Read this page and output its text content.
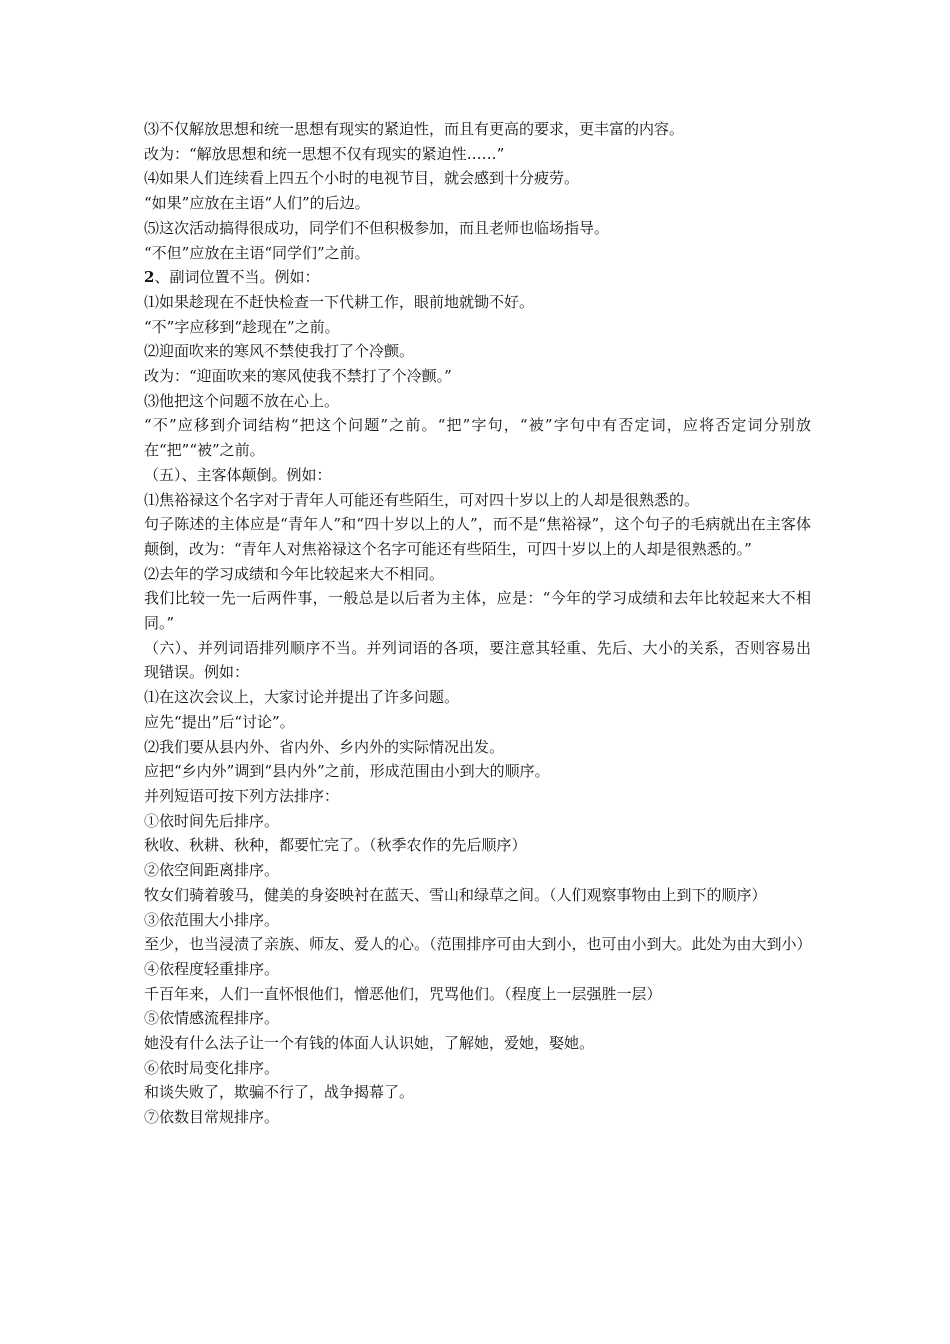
⑶不仅解放思想和统一思想有现实的紧迫性，而且有更高的要求，更丰富的内容。

改为：“解放思想和统一思想不仅有现实的紧迫性……”

⑷如果人们连续看上四五个小时的电视节目，就会感到十分疲劳。

“如果”应放在主语“人们”的后边。

⑸这次活动搞得很成功，同学们不但积极参加，而且老师也临场指导。

“不但”应放在主语“同学们”之前。

2、副词位置不当。例如：

⑴如果趁现在不赶快检查一下代耕工作，眼前地就锄不好。

“不”字应移到“趁现在”之前。

⑵迎面吹来的寒风不禁使我打了个冷颤。

改为：“迎面吹来的寒风使我不禁打了个冷颤。”

⑶他把这个问题不放在心上。

“不”应移到介词结构“把这个问题”之前。“把”字句，“被”字句中有否定词，应将否定词分别放在“把”“被”之前。

（五）、主客体颠倒。例如：

⑴焦裕禄这个名字对于青年人可能还有些陌生，可对四十岁以上的人却是很熟悉的。

句子陈述的主体应是“青年人”和“四十岁以上的人”，而不是“焦裕禄”，这个句子的毛病就出在主客体颠倒，改为：“青年人对焦裕禄这个名字可能还有些陌生，可四十岁以上的人却是很熟悉的。”

⑵去年的学习成绩和今年比较起来大不相同。

我们比较一先一后两件事，一般总是以后者为主体，应是：“今年的学习成绩和去年比较起来大不相同。”

（六）、并列词语排列顺序不当。并列词语的各项，要注意其轻重、先后、大小的关系，否则容易出现错误。例如：

⑴在这次会议上，大家讨论并提出了许多问题。

应先“提出”后“讨论”。

⑵我们要从县内外、省内外、乡内外的实际情况出发。

应把“乡内外”调到“县内外”之前，形成范围由小到大的顺序。

并列短语可按下列方法排序：

①依时间先后排序。

秋收、秋耕、秋种，都要忙完了。（秋季农作的先后顺序）

②依空间距离排序。

牧女们骑着骏马，健美的身姿映衬在蓝天、雪山和绿草之间。（人们观察事物由上到下的顺序）

③依范围大小排序。

至少，也当浸渍了亲族、师友、爱人的心。（范围排序可由大到小，也可由小到大。此处为由大到小）

④依程度轻重排序。

千百年来，人们一直怀恨他们，憎恶他们，咒骂他们。（程度上一层强胜一层）

⑤依情感流程排序。

她没有什么法子让一个有钱的体面人认识她，了解她，爱她，娶她。

⑥依时局变化排序。

和谈失败了，欺骗不行了，战争揭幕了。

⑦依数目常规排序。
